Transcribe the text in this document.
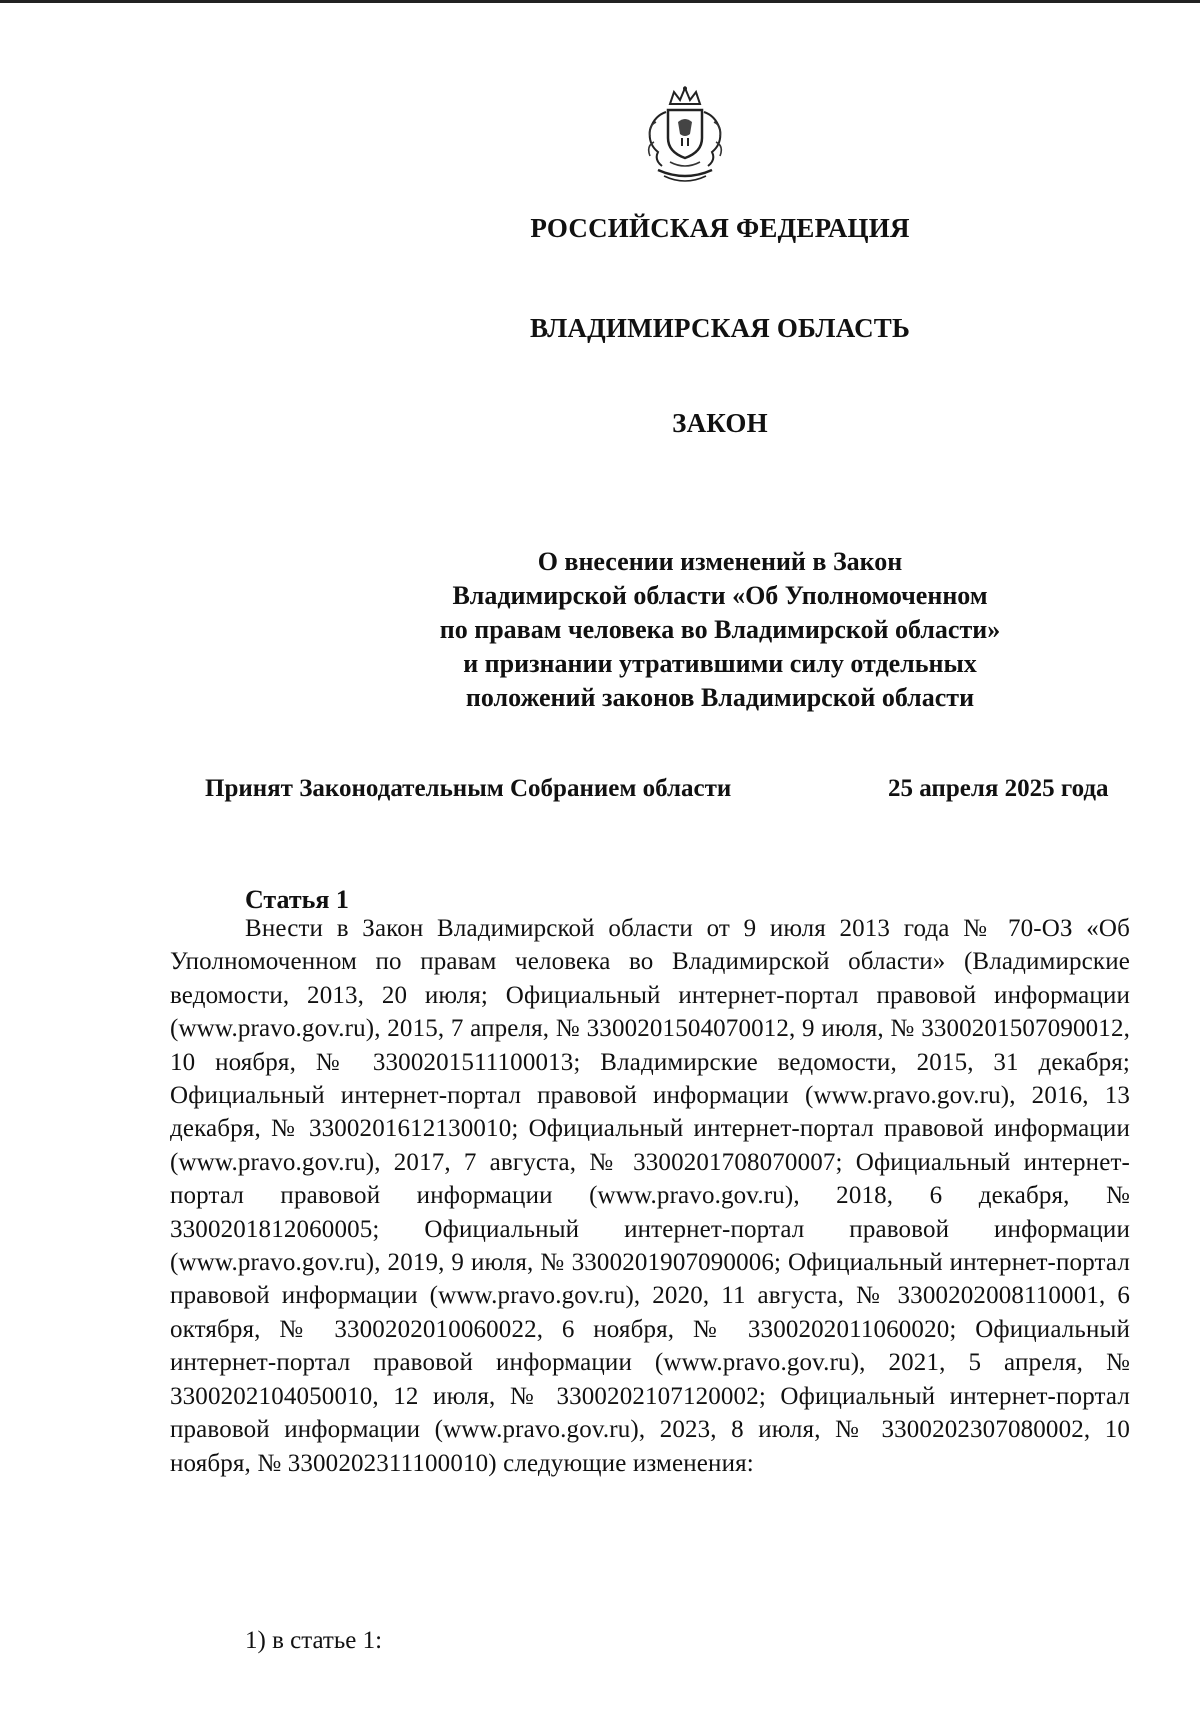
РОССИЙСКАЯ ФЕДЕРАЦИЯ
ВЛАДИМИРСКАЯ ОБЛАСТЬ
ЗАКОН
О внесении изменений в Закон
Владимирской области «Об Уполномоченном
по правам человека во Владимирской области»
и признании утратившими силу отдельных
положений законов Владимирской области
Принят Законодательным Собранием области	25 апреля 2025 года
Статья 1
Внести в Закон Владимирской области от 9 июля 2013 года № 70-ОЗ «Об Уполномоченном по правам человека во Владимирской области» (Владимирские ведомости, 2013, 20 июля; Официальный интернет-портал правовой информации (www.pravo.gov.ru), 2015, 7 апреля, № 3300201504070012, 9 июля, № 3300201507090012, 10 ноября, № 3300201511100013; Владимирские ведомости, 2015, 31 декабря; Официальный интернет-портал правовой информации (www.pravo.gov.ru), 2016, 13 декабря, № 3300201612130010; Официальный интернет-портал правовой информации (www.pravo.gov.ru), 2017, 7 августа, № 3300201708070007; Официальный интернет-портал правовой информации (www.pravo.gov.ru), 2018, 6 декабря, № 3300201812060005; Официальный интернет-портал правовой информации (www.pravo.gov.ru), 2019, 9 июля, № 3300201907090006; Официальный интернет-портал правовой информации (www.pravo.gov.ru), 2020, 11 августа, № 3300202008110001, 6 октября, № 3300202010060022, 6 ноября, № 3300202011060020; Официальный интернет-портал правовой информации (www.pravo.gov.ru), 2021, 5 апреля, № 3300202104050010, 12 июля, № 3300202107120002; Официальный интернет-портал правовой информации (www.pravo.gov.ru), 2023, 8 июля, № 3300202307080002, 10 ноября, № 3300202311100010) следующие изменения:
1) в статье 1:
